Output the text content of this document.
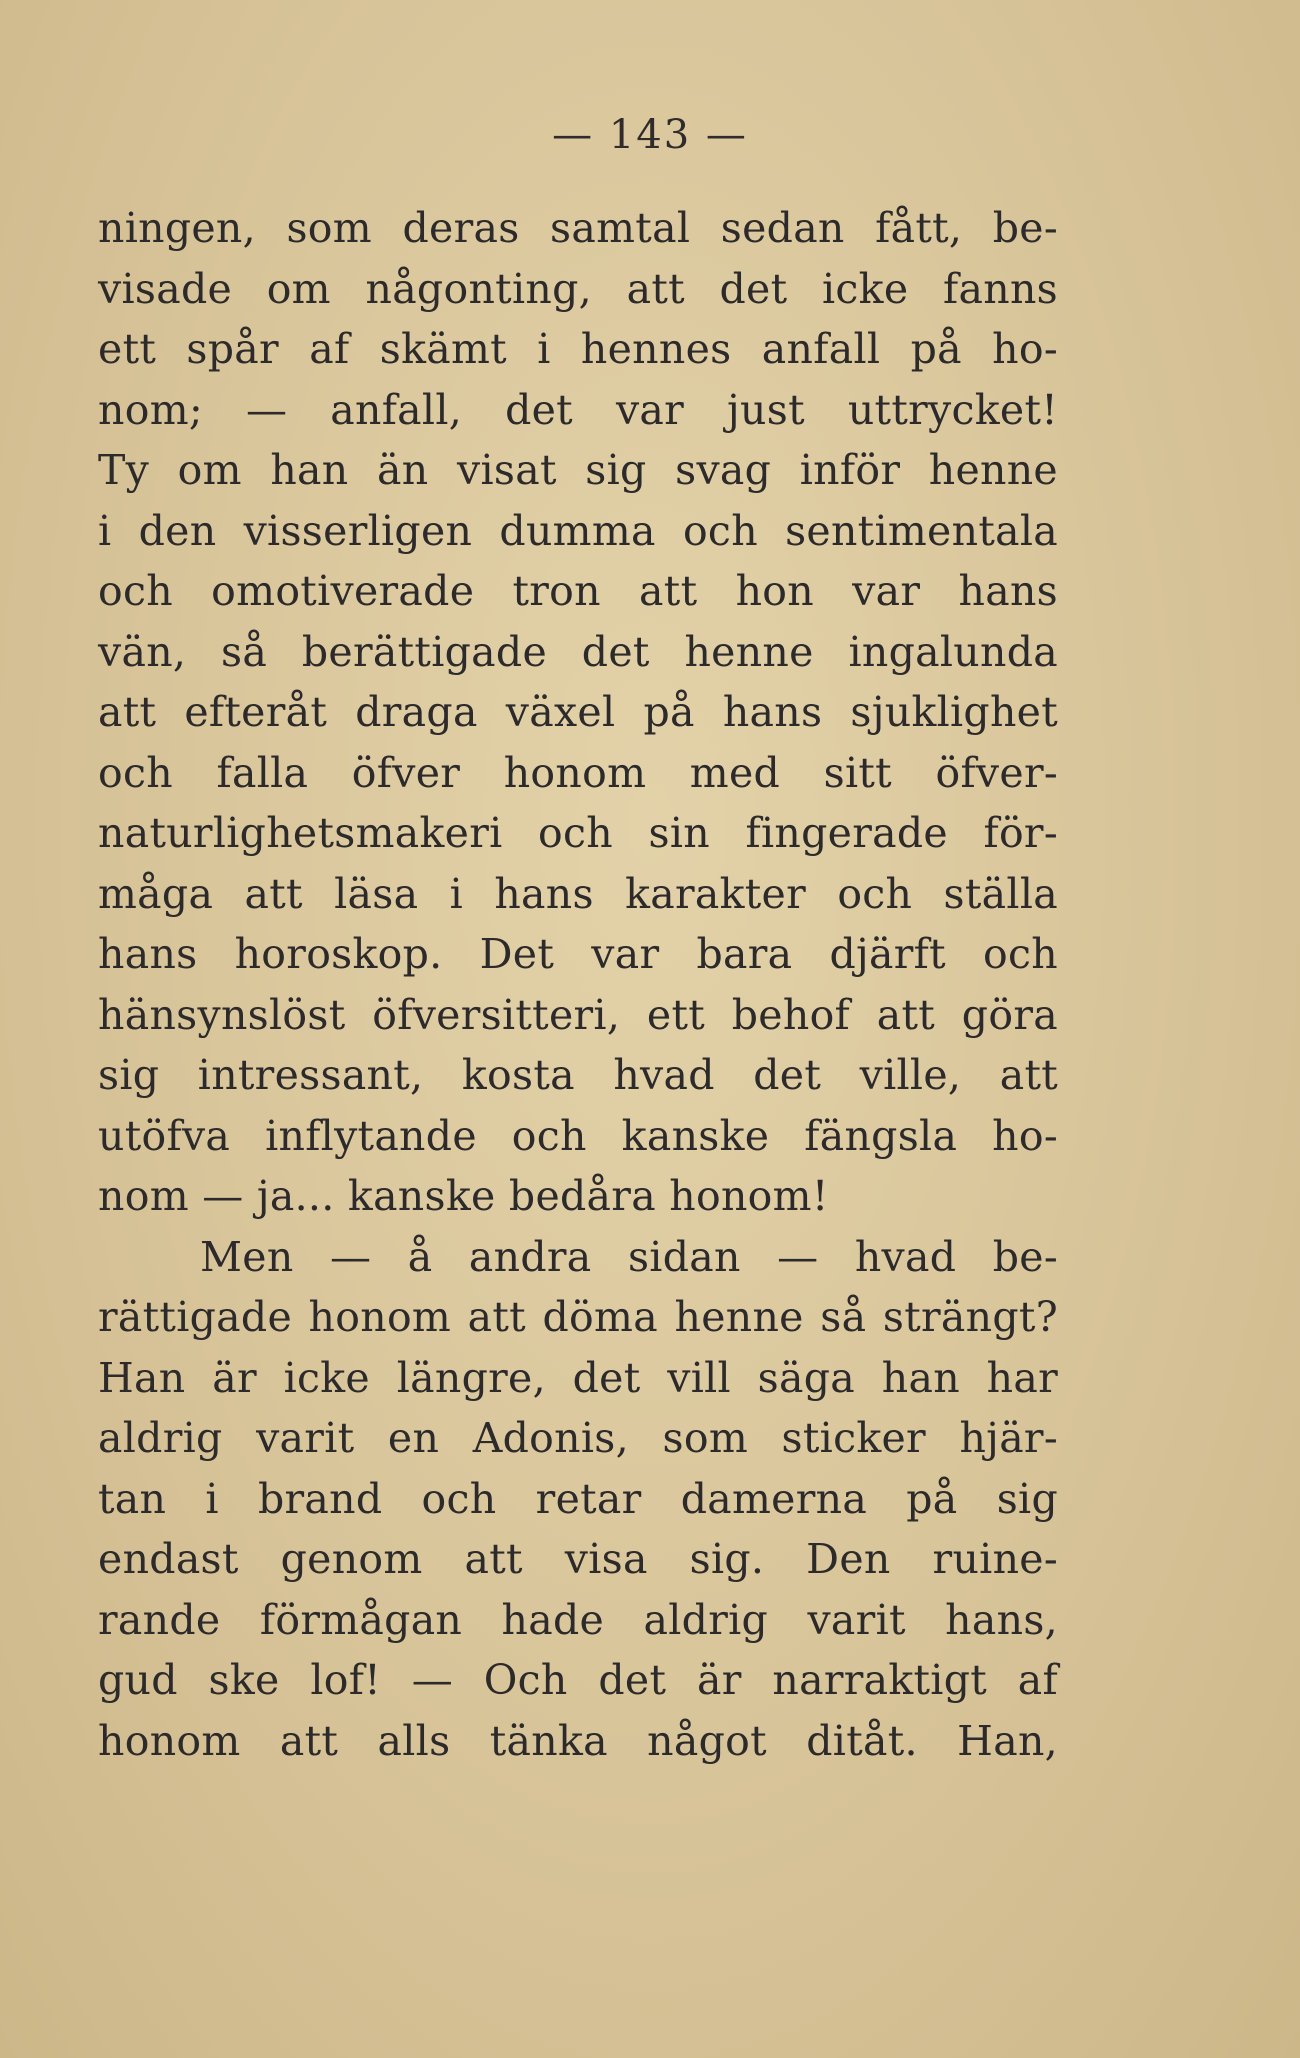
— 143 —
ningen, som deras samtal sedan fått, be-
visade om någonting, att det icke fanns
ett spår af skämt i hennes anfall på ho-
nom; — anfall, det var just uttrycket!
Ty om han än visat sig svag inför henne
i den visserligen dumma och sentimentala
och omotiverade tron att hon var hans
vän, så berättigade det henne ingalunda
att efteråt draga växel på hans sjuklighet
och falla öfver honom med sitt öfver-
naturlighetsmakeri och sin fingerade för-
måga att läsa i hans karakter och ställa
hans horoskop. Det var bara djärft och
hänsynslöst öfversitteri, ett behof att göra
sig intressant, kosta hvad det ville, att
utöfva inflytande och kanske fängsla ho-
nom — ja... kanske bedåra honom!
Men — å andra sidan — hvad be-
rättigade honom att döma henne så strängt?
Han är icke längre, det vill säga han har
aldrig varit en Adonis, som sticker hjär-
tan i brand och retar damerna på sig
endast genom att visa sig. Den ruine-
rande förmågan hade aldrig varit hans,
gud ske lof! — Och det är narraktigt af
honom att alls tänka något ditåt. Han,
